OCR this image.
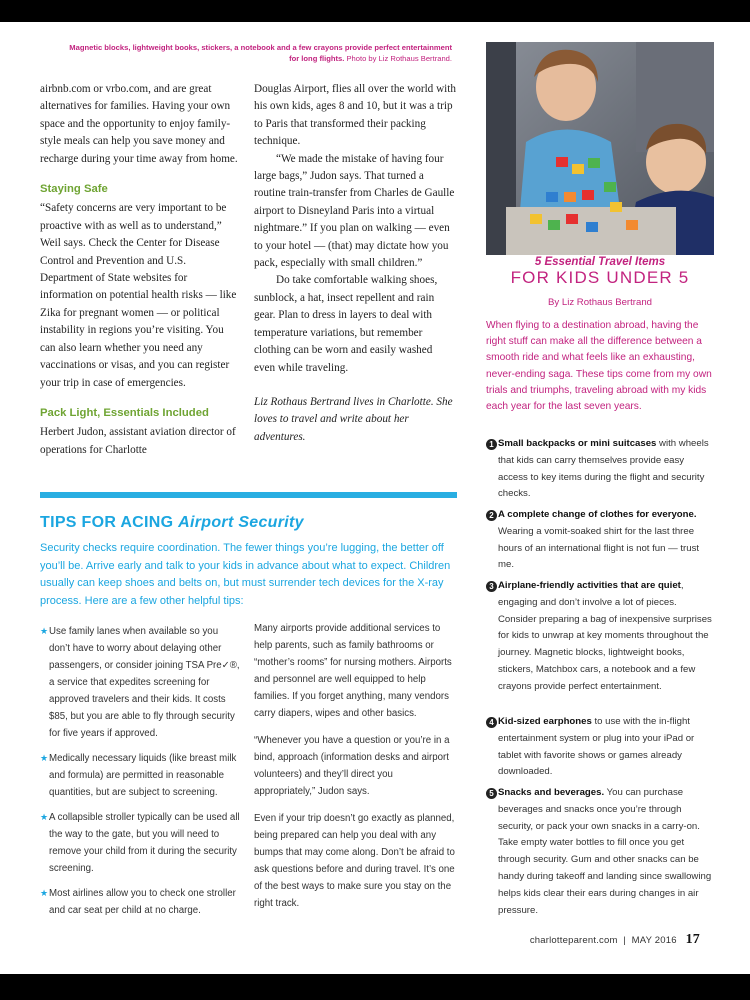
Magnetic blocks, lightweight books, stickers, a notebook and a few crayons provide perfect entertainment for long flights. Photo by Liz Rothaus Bertrand.

airbnb.com or vrbo.com, and are great alternatives for families. Having your own space and the opportunity to enjoy family-style meals can help you save money and recharge during your time away from home.

Staying Safe

“Safety concerns are very important to be proactive with as well as to understand,” Weil says. Check the Center for Disease Control and Prevention and U.S. Department of State websites for information on potential health risks — like Zika for pregnant women — or political instability in regions you’re visiting. You can also learn whether you need any vaccinations or visas, and you can register your trip in case of emergencies.

Pack Light, Essentials Included

Herbert Judon, assistant aviation director of operations for Charlotte

Douglas Airport, flies all over the world with his own kids, ages 8 and 10, but it was a trip to Paris that transformed their packing technique.

“We made the mistake of having four large bags,” Judon says. That turned a routine train-transfer from Charles de Gaulle airport to Disneyland Paris into a virtual nightmare.” If you plan on walking — even to your hotel — (that) may dictate how you pack, especially with small children.”

Do take comfortable walking shoes, sunblock, a hat, insect repellent and rain gear. Plan to dress in layers to deal with temperature variations, but remember clothing can be worn and easily washed even while traveling.

Liz Rothaus Bertrand lives in Charlotte. She loves to travel and write about her adventures.

TIPS FOR ACING Airport Security
Security checks require coordination. The fewer things you’re lugging, the better off you’ll be. Arrive early and talk to your kids in advance about what to expect. Children usually can keep shoes and belts on, but must surrender tech devices for the X-ray process. Here are a few other helpful tips:
★ Use family lanes when available so you don’t have to worry about delaying other passengers, or consider joining TSA Pre✓®, a service that expedites screening for approved travelers and their kids. It costs $85, but you are able to fly through security for five years if approved.
★ Medically necessary liquids (like breast milk and formula) are permitted in reasonable quantities, but are subject to screening.
★ A collapsible stroller typically can be used all the way to the gate, but you will need to remove your child from it during the security screening.
★ Most airlines allow you to check one stroller and car seat per child at no charge.

Many airports provide additional services to help parents, such as family bathrooms or “mother’s rooms” for nursing mothers. Airports and personnel are well equipped to help families. If you forget anything, many vendors carry diapers, wipes and other basics.

“Whenever you have a question or you’re in a bind, approach (information desks and airport volunteers) and they’ll direct you appropriately,” Judon says.

Even if your trip doesn’t go exactly as planned, being prepared can help you deal with any bumps that may come along. Don’t be afraid to ask questions before and during travel. It’s one of the best ways to make sure you stay on the right track.

5 Essential Travel Items
FOR KIDS UNDER 5
By Liz Rothaus Bertrand
When flying to a destination abroad, having the right stuff can make all the difference between a smooth ride and what feels like an exhausting, never-ending saga. These tips come from my own trials and triumphs, traveling abroad with my kids each year for the last seven years.
1 Small backpacks or mini suitcases with wheels that kids can carry themselves provide easy access to key items during the flight and security checks.
2 A complete change of clothes for everyone. Wearing a vomit-soaked shirt for the last three hours of an international flight is not fun — trust me.
3 Airplane-friendly activities that are quiet, engaging and don’t involve a lot of pieces. Consider preparing a bag of inexpensive surprises for kids to unwrap at key moments throughout the journey. Magnetic blocks, lightweight books, stickers, Matchbox cars, a notebook and a few crayons provide perfect entertainment.
4 Kid-sized earphones to use with the in-flight entertainment system or plug into your iPad or tablet with favorite shows or games already downloaded.
5 Snacks and beverages. You can purchase beverages and snacks once you’re through security, or pack your own snacks in a carry-on. Take empty water bottles to fill once you get through security. Gum and other snacks can be handy during takeoff and landing since swallowing helps kids clear their ears during changes in air pressure.
charlotteparent.com | MAY 2016 17
